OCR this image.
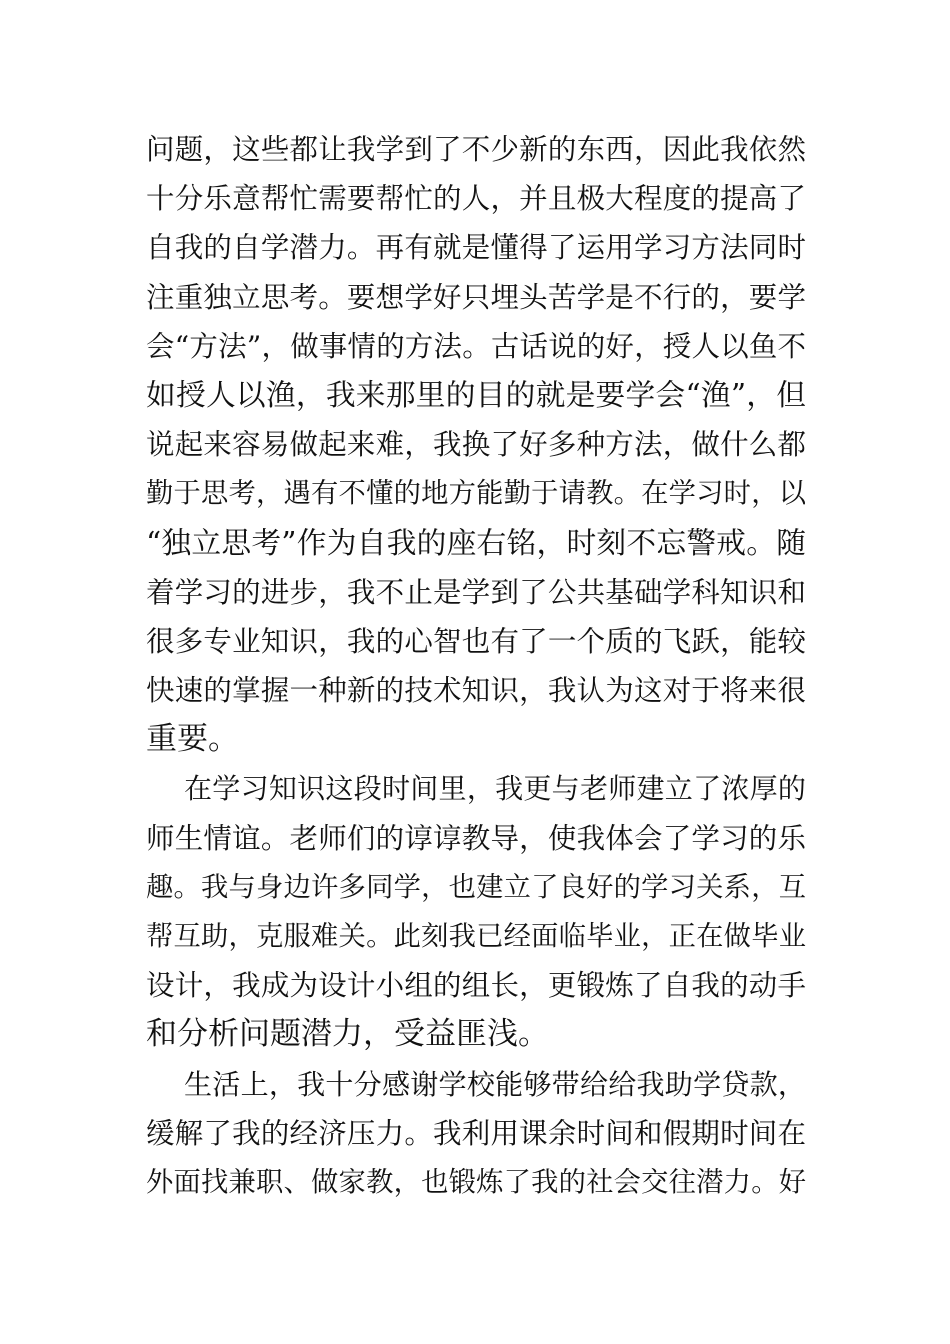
问题，这些都让我学到了不少新的东西，因此我依然
十分乐意帮忙需要帮忙的人，并且极大程度的提高了
自我的自学潜力。再有就是懂得了运用学习方法同时
注重独立思考。要想学好只埋头苦学是不行的，要学
会“方法”，做事情的方法。古话说的好，授人以鱼不
如授人以渔，我来那里的目的就是要学会“渔”，但
说起来容易做起来难，我换了好多种方法，做什么都
勤于思考，遇有不懂的地方能勤于请教。在学习时，以
“独立思考”作为自我的座右铭，时刻不忘警戒。随
着学习的进步，我不止是学到了公共基础学科知识和
很多专业知识，我的心智也有了一个质的飞跃，能较
快速的掌握一种新的技术知识，我认为这对于将来很
重要。
在学习知识这段时间里，我更与老师建立了浓厚的
师生情谊。老师们的谆谆教导，使我体会了学习的乐
趣。我与身边许多同学，也建立了良好的学习关系，互
帮互助，克服难关。此刻我已经面临毕业，正在做毕业
设计，我成为设计小组的组长，更锻炼了自我的动手
和分析问题潜力，受益匪浅。
生活上，我十分感谢学校能够带给给我助学贷款，
缓解了我的经济压力。我利用课余时间和假期时间在
外面找兼职、做家教，也锻炼了我的社会交往潜力。好
